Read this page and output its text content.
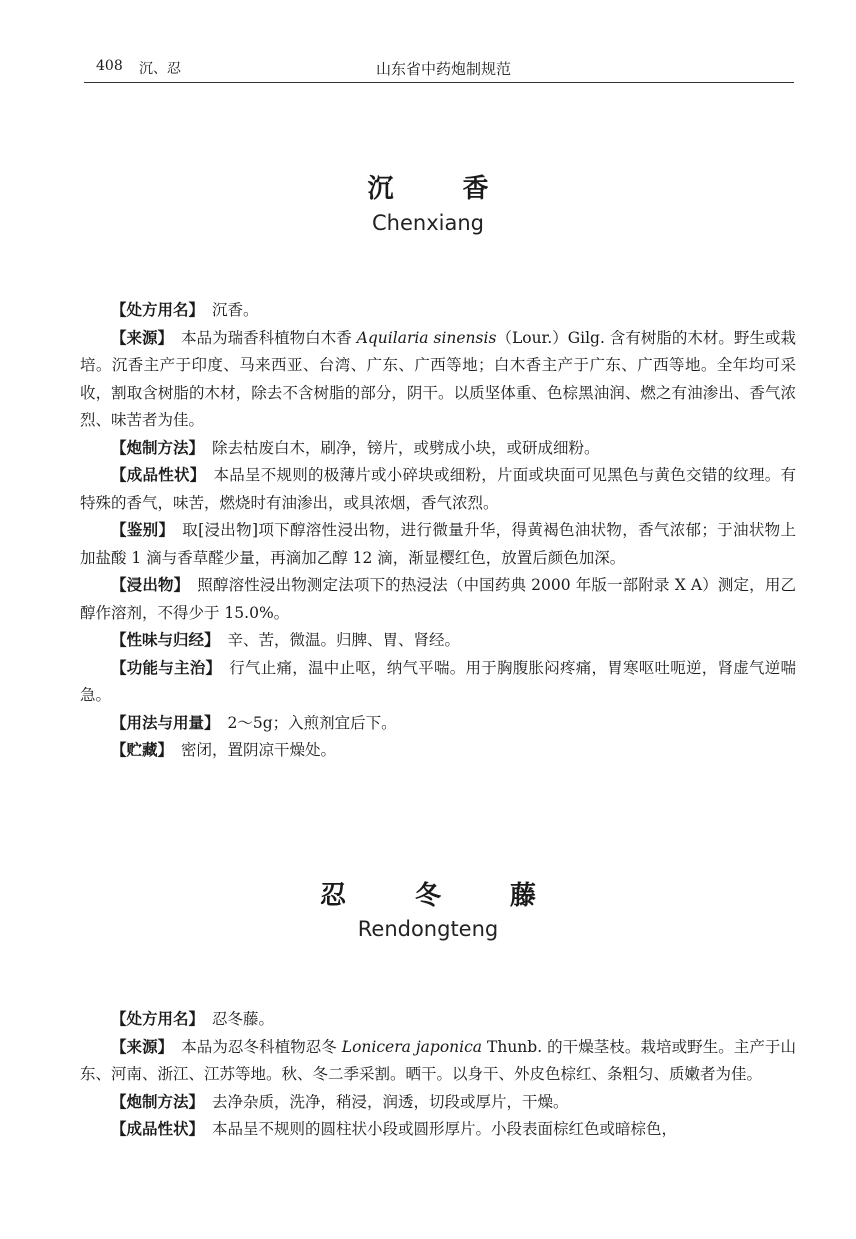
408 沉、忍	山东省中药炮制规范
沉 香
Chenxiang

【处方用名】 沉香。

【来源】 本品为瑞香科植物白木香 Aquilaria sinensis（Lour.）Gilg. 含有树脂的木材。野生或栽培。沉香主产于印度、马来西亚、台湾、广东、广西等地；白木香主产于广东、广西等地。全年均可采收，割取含树脂的木材，除去不含树脂的部分，阴干。以质坚体重、色棕黑油润、燃之有油渗出、香气浓烈、味苦者为佳。

【炮制方法】 除去枯废白木，刷净，镑片，或劈成小块，或研成细粉。

【成品性状】 本品呈不规则的极薄片或小碎块或细粉，片面或块面可见黑色与黄色交错的纹理。有特殊的香气，味苦，燃烧时有油渗出，或具浓烟，香气浓烈。

【鉴别】 取[浸出物]项下醇溶性浸出物，进行微量升华，得黄褐色油状物，香气浓郁；于油状物上加盐酸 1 滴与香草醛少量，再滴加乙醇 12 滴，渐显樱红色，放置后颜色加深。

【浸出物】 照醇溶性浸出物测定法项下的热浸法（中国药典 2000 年版一部附录 X A）测定，用乙醇作溶剂，不得少于 15.0%。

【性味与归经】 辛、苦，微温。归脾、胃、肾经。

【功能与主治】 行气止痛，温中止呕，纳气平喘。用于胸腹胀闷疼痛，胃寒呕吐呃逆，肾虚气逆喘急。

【用法与用量】 2～5g；入煎剂宜后下。

【贮藏】 密闭，置阴凉干燥处。

忍 冬 藤
Rendongteng

【处方用名】 忍冬藤。

【来源】 本品为忍冬科植物忍冬 Lonicera japonica Thunb. 的干燥茎枝。栽培或野生。主产于山东、河南、浙江、江苏等地。秋、冬二季采割。晒干。以身干、外皮色棕红、条粗匀、质嫩者为佳。

【炮制方法】 去净杂质，洗净，稍浸，润透，切段或厚片，干燥。

【成品性状】 本品呈不规则的圆柱状小段或圆形厚片。小段表面棕红色或暗棕色，
